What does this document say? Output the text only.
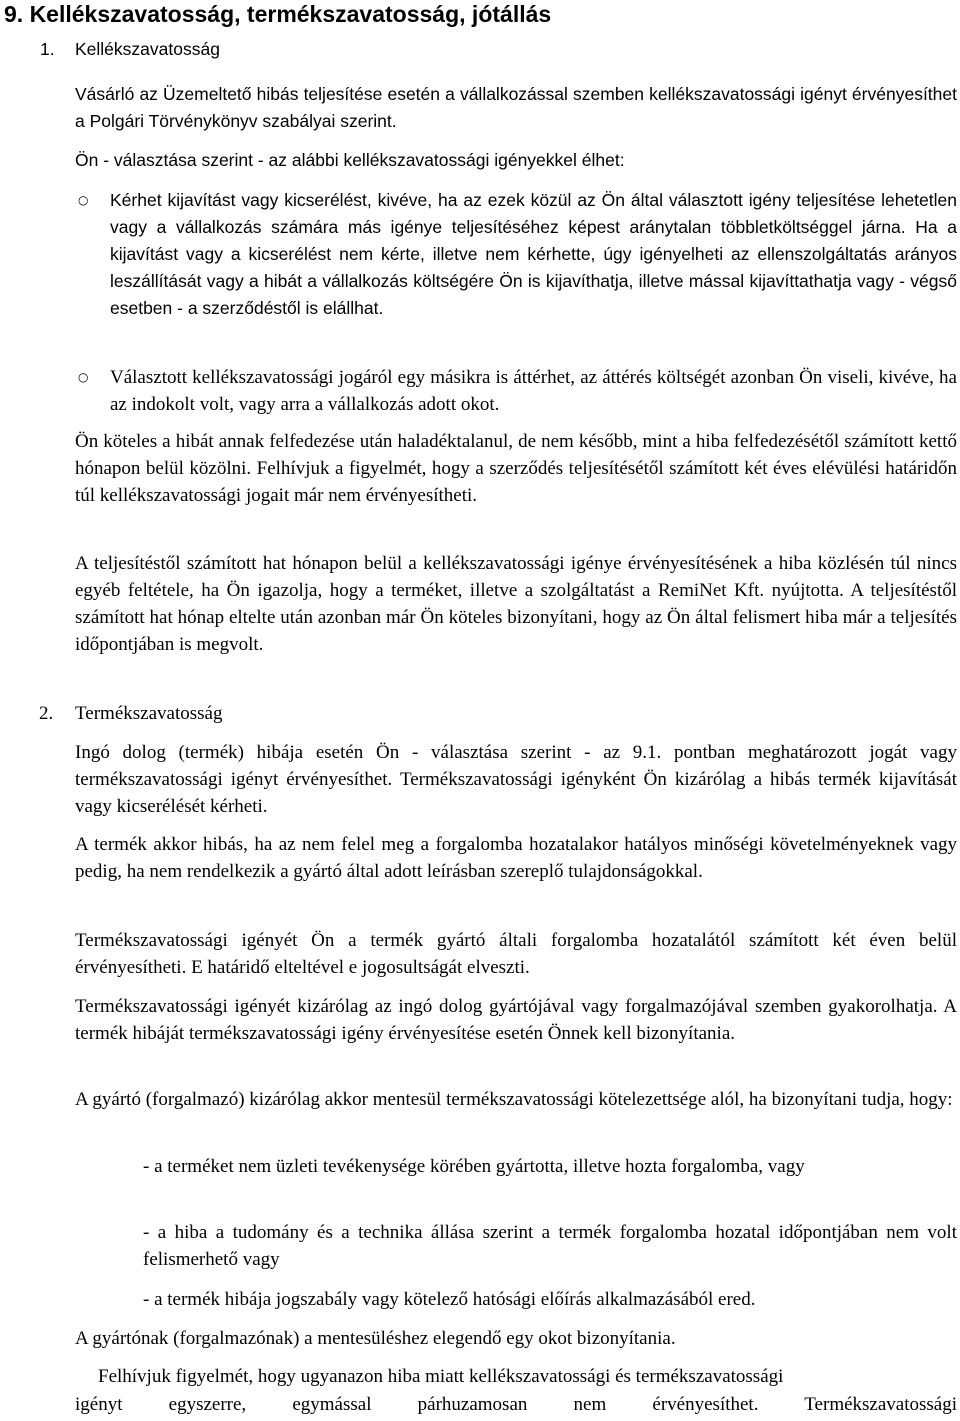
9. Kellékszavatosság, termékszavatosság, jótállás
1. Kellékszavatosság

Vásárló az Üzemeltető hibás teljesítése esetén a vállalkozással szemben kellékszavatossági igényt érvényesíthet a Polgári Törvénykönyv szabályai szerint.

Ön - választása szerint - az alábbi kellékszavatossági igényekkel élhet:

○ Kérhet kijavítást vagy kicserélést, kivéve, ha az ezek közül az Ön által választott igény teljesítése lehetetlen vagy a vállalkozás számára más igénye teljesítéséhez képest aránytalan többletköltséggel járna. Ha a kijavítást vagy a kicserélést nem kérte, illetve nem kérhette, úgy igényelheti az ellenszolgáltatás arányos leszállítását vagy a hibát a vállalkozás költségére Ön is kijavíthatja, illetve mással kijavíttathatja vagy - végső esetben - a szerződéstől is elállhat.

○ Választott kellékszavatossági jogáról egy másikra is áttérhet, az áttérés költségét azonban Ön viseli, kivéve, ha az indokolt volt, vagy arra a vállalkozás adott okot.

Ön köteles a hibát annak felfedezése után haladéktalanul, de nem később, mint a hiba felfedezésétől számított kettő hónapon belül közölni. Felhívjuk a figyelmét, hogy a szerződés teljesítésétől számított két éves elévülési határidőn túl kellékszavatossági jogait már nem érvényesítheti.

A teljesítéstől számított hat hónapon belül a kellékszavatossági igénye érvényesítésének a hiba közlésén túl nincs egyéb feltétele, ha Ön igazolja, hogy a terméket, illetve a szolgáltatást a RemiNet Kft. nyújtotta. A teljesítéstől számított hat hónap eltelte után azonban már Ön köteles bizonyítani, hogy az Ön által felismert hiba már a teljesítés időpontjában is megvolt.

2. Termékszavatosság

Ingó dolog (termék) hibája esetén Ön - választása szerint - az 9.1. pontban meghatározott jogát vagy termékszavatossági igényt érvényesíthet. Termékszavatossági igényként Ön kizárólag a hibás termék kijavítását vagy kicserélését kérheti.

A termék akkor hibás, ha az nem felel meg a forgalomba hozatalakor hatályos minőségi követelményeknek vagy pedig, ha nem rendelkezik a gyártó által adott leírásban szereplő tulajdonságokkal.

Termékszavatossági igényét Ön a termék gyártó általi forgalomba hozatalától számított két éven belül érvényesítheti. E határidő elteltével e jogosultságát elveszti.

Termékszavatossági igényét kizárólag az ingó dolog gyártójával vagy forgalmazójával szemben gyakorolhatja. A termék hibáját termékszavatossági igény érvényesítése esetén Önnek kell bizonyítania.

A gyártó (forgalmazó) kizárólag akkor mentesül termékszavatossági kötelezettsége alól, ha bizonyítani tudja, hogy:

- a terméket nem üzleti tevékenysége körében gyártotta, illetve hozta forgalomba, vagy

- a hiba a tudomány és a technika állása szerint a termék forgalomba hozatal időpontjában nem volt felismerhető vagy

- a termék hibája jogszabály vagy kötelező hatósági előírás alkalmazásából ered.

A gyártónak (forgalmazónak) a mentesüléshez elegendő egy okot bizonyítania.

Felhívjuk figyelmét, hogy ugyanazon hiba miatt kellékszavatossági és termékszavatossági

igényt egyszerre, egymással párhuzamosan nem érvényesíthet. Termékszavatossági
